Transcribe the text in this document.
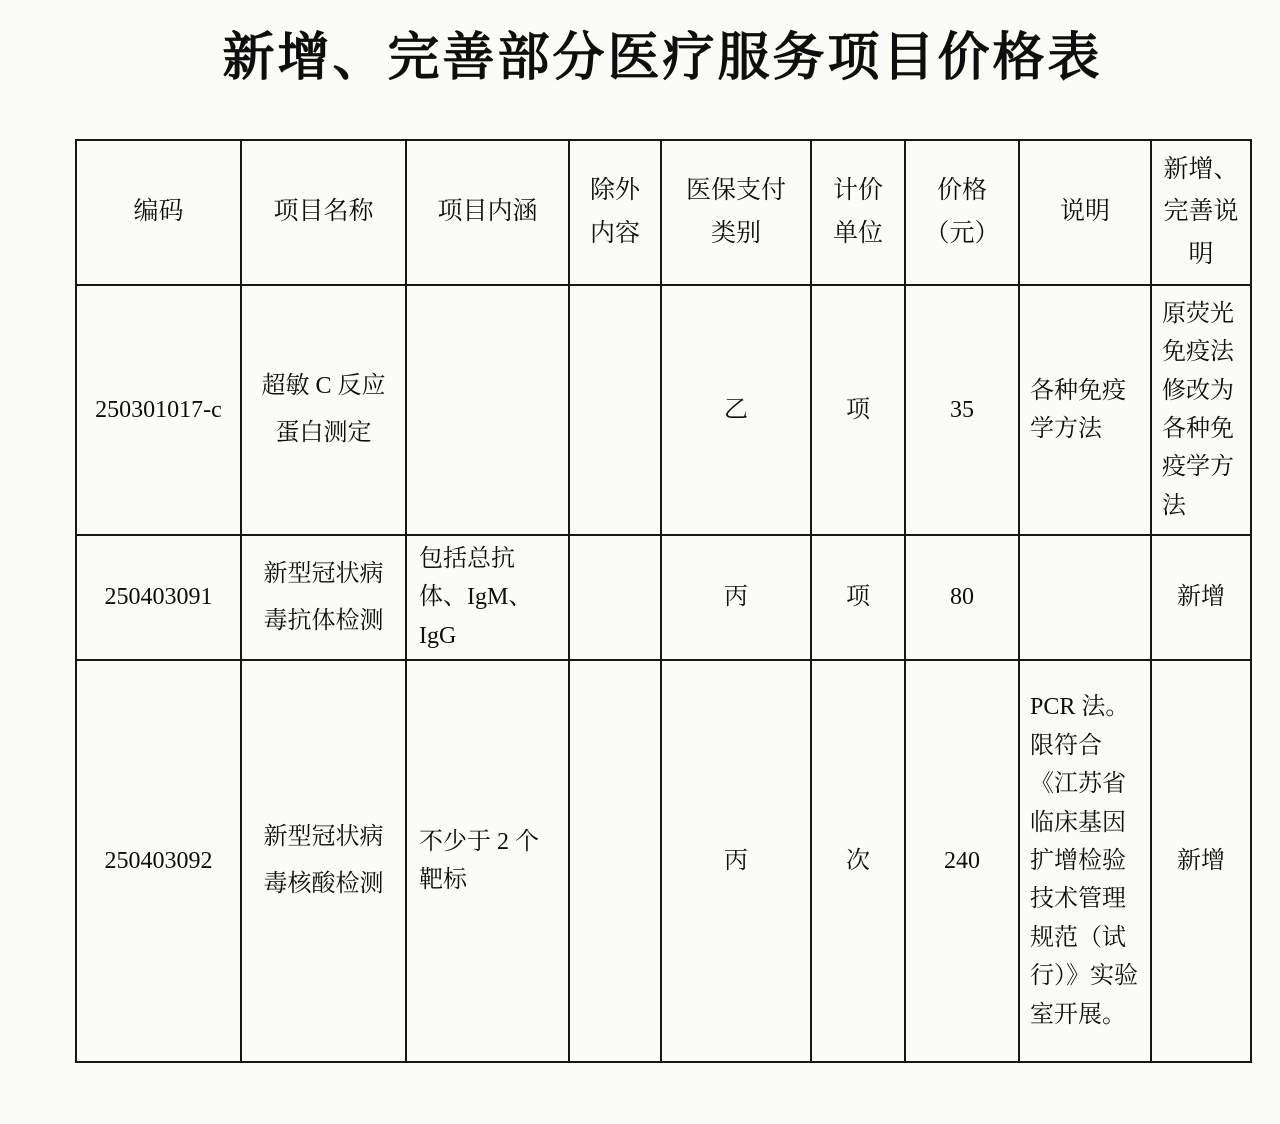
新增、完善部分医疗服务项目价格表
编码	项目名称	项目内涵	除外内容	医保支付类别	计价单位	价格（元）	说明	新增、完善说明
250301017-c	超敏 C 反应蛋白测定			乙	项	35	各种免疫学方法	原荧光免疫法修改为各种免疫学方法
250403091	新型冠状病毒抗体检测	包括总抗体、IgM、IgG		丙	项	80		新增
250403092	新型冠状病毒核酸检测	不少于 2 个靶标		丙	次	240	PCR 法。限符合《江苏省临床基因扩增检验技术管理规范（试行）》实验室开展。	新增
